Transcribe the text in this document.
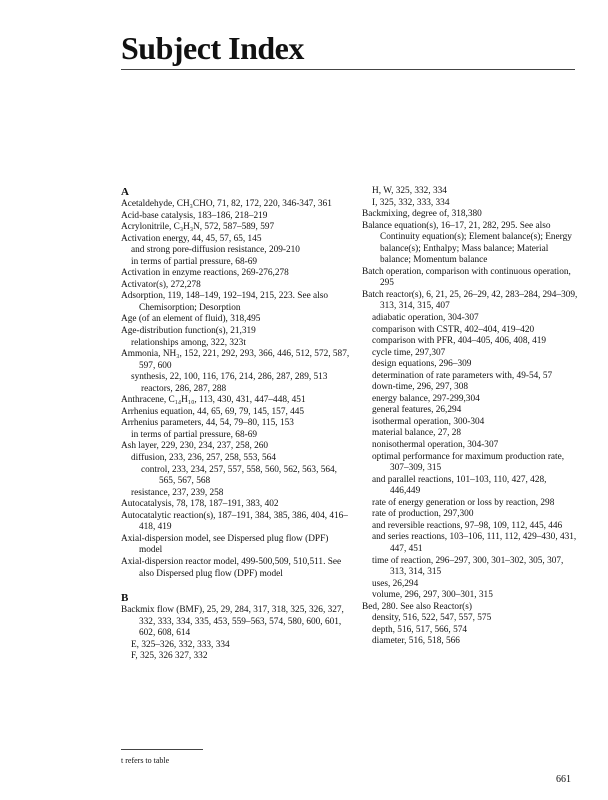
Subject Index
A
Acetaldehyde, CH₃CHO, 71, 82, 172, 220, 346-347, 361
Acid-base catalysis, 183–186, 218–219
Acrylonitrile, C₃H₃N, 572, 587–589, 597
Activation energy, 44, 45, 57, 65, 145
and strong pore-diffusion resistance, 209-210
in terms of partial pressure, 68-69
Activation in enzyme reactions, 269-276,278
Activator(s), 272,278
Adsorption, 119, 148–149, 192–194, 215, 223. See also Chemisorption; Desorption
Age (of an element of fluid), 318,495
Age-distribution function(s), 21,319
relationships among, 322, 323t
Ammonia, NH₃, 152, 221, 292, 293, 366, 446, 512, 572, 587, 597, 600
synthesis, 22, 100, 116, 176, 214, 286, 287, 289, 513
reactors, 286, 287, 288
Anthracene, C₁₄H₁₀, 113, 430, 431, 447–448, 451
Arrhenius equation, 44, 65, 69, 79, 145, 157, 445
Arrhenius parameters, 44, 54, 79–80, 115, 153
in terms of partial pressure, 68-69
Ash layer, 229, 230, 234, 237, 258, 260
diffusion, 233, 236, 257, 258, 553, 564
control, 233, 234, 257, 557, 558, 560, 562, 563, 564, 565, 567, 568
resistance, 237, 239, 258
Autocatalysis, 78, 178, 187–191, 383, 402
Autocatalytic reaction(s), 187–191, 384, 385, 386, 404, 416–418, 419
Axial-dispersion model, see Dispersed plug flow (DPF) model
Axial-dispersion reactor model, 499-500,509, 510,511. See also Dispersed plug flow (DPF) model
B
Backmix flow (BMF), 25, 29, 284, 317, 318, 325, 326, 327, 332, 333, 334, 335, 453, 559–563, 574, 580, 600, 601, 602, 608, 614
E, 325–326, 332, 333, 334
F, 325, 326 327, 332
H, W, 325, 332, 334
I, 325, 332, 333, 334
Backmixing, degree of, 318,380
Balance equation(s), 16–17, 21, 282, 295. See also Continuity equation(s); Element balance(s); Energy balance(s); Enthalpy; Mass balance; Material balance; Momentum balance
Batch operation, comparison with continuous operation, 295
Batch reactor(s), 6, 21, 25, 26–29, 42, 283–284, 294–309, 313, 314, 315, 407
adiabatic operation, 304-307
comparison with CSTR, 402–404, 419–420
comparison with PFR, 404–405, 406, 408, 419
cycle time, 297,307
design equations, 296–309
determination of rate parameters with, 49-54, 57
down-time, 296, 297, 308
energy balance, 297-299,304
general features, 26,294
isothermal operation, 300-304
material balance, 27, 28
nonisothermal operation, 304-307
optimal performance for maximum production rate, 307–309, 315
and parallel reactions, 101–103, 110, 427, 428, 446,449
rate of energy generation or loss by reaction, 298
rate of production, 297,300
and reversible reactions, 97–98, 109, 112, 445, 446
and series reactions, 103–106, 111, 112, 429–430, 431, 447, 451
time of reaction, 296–297, 300, 301–302, 305, 307, 313, 314, 315
uses, 26,294
volume, 296, 297, 300–301, 315
Bed, 280. See also Reactor(s)
density, 516, 522, 547, 557, 575
depth, 516, 517, 566, 574
diameter, 516, 518, 566
t refers to table
661
